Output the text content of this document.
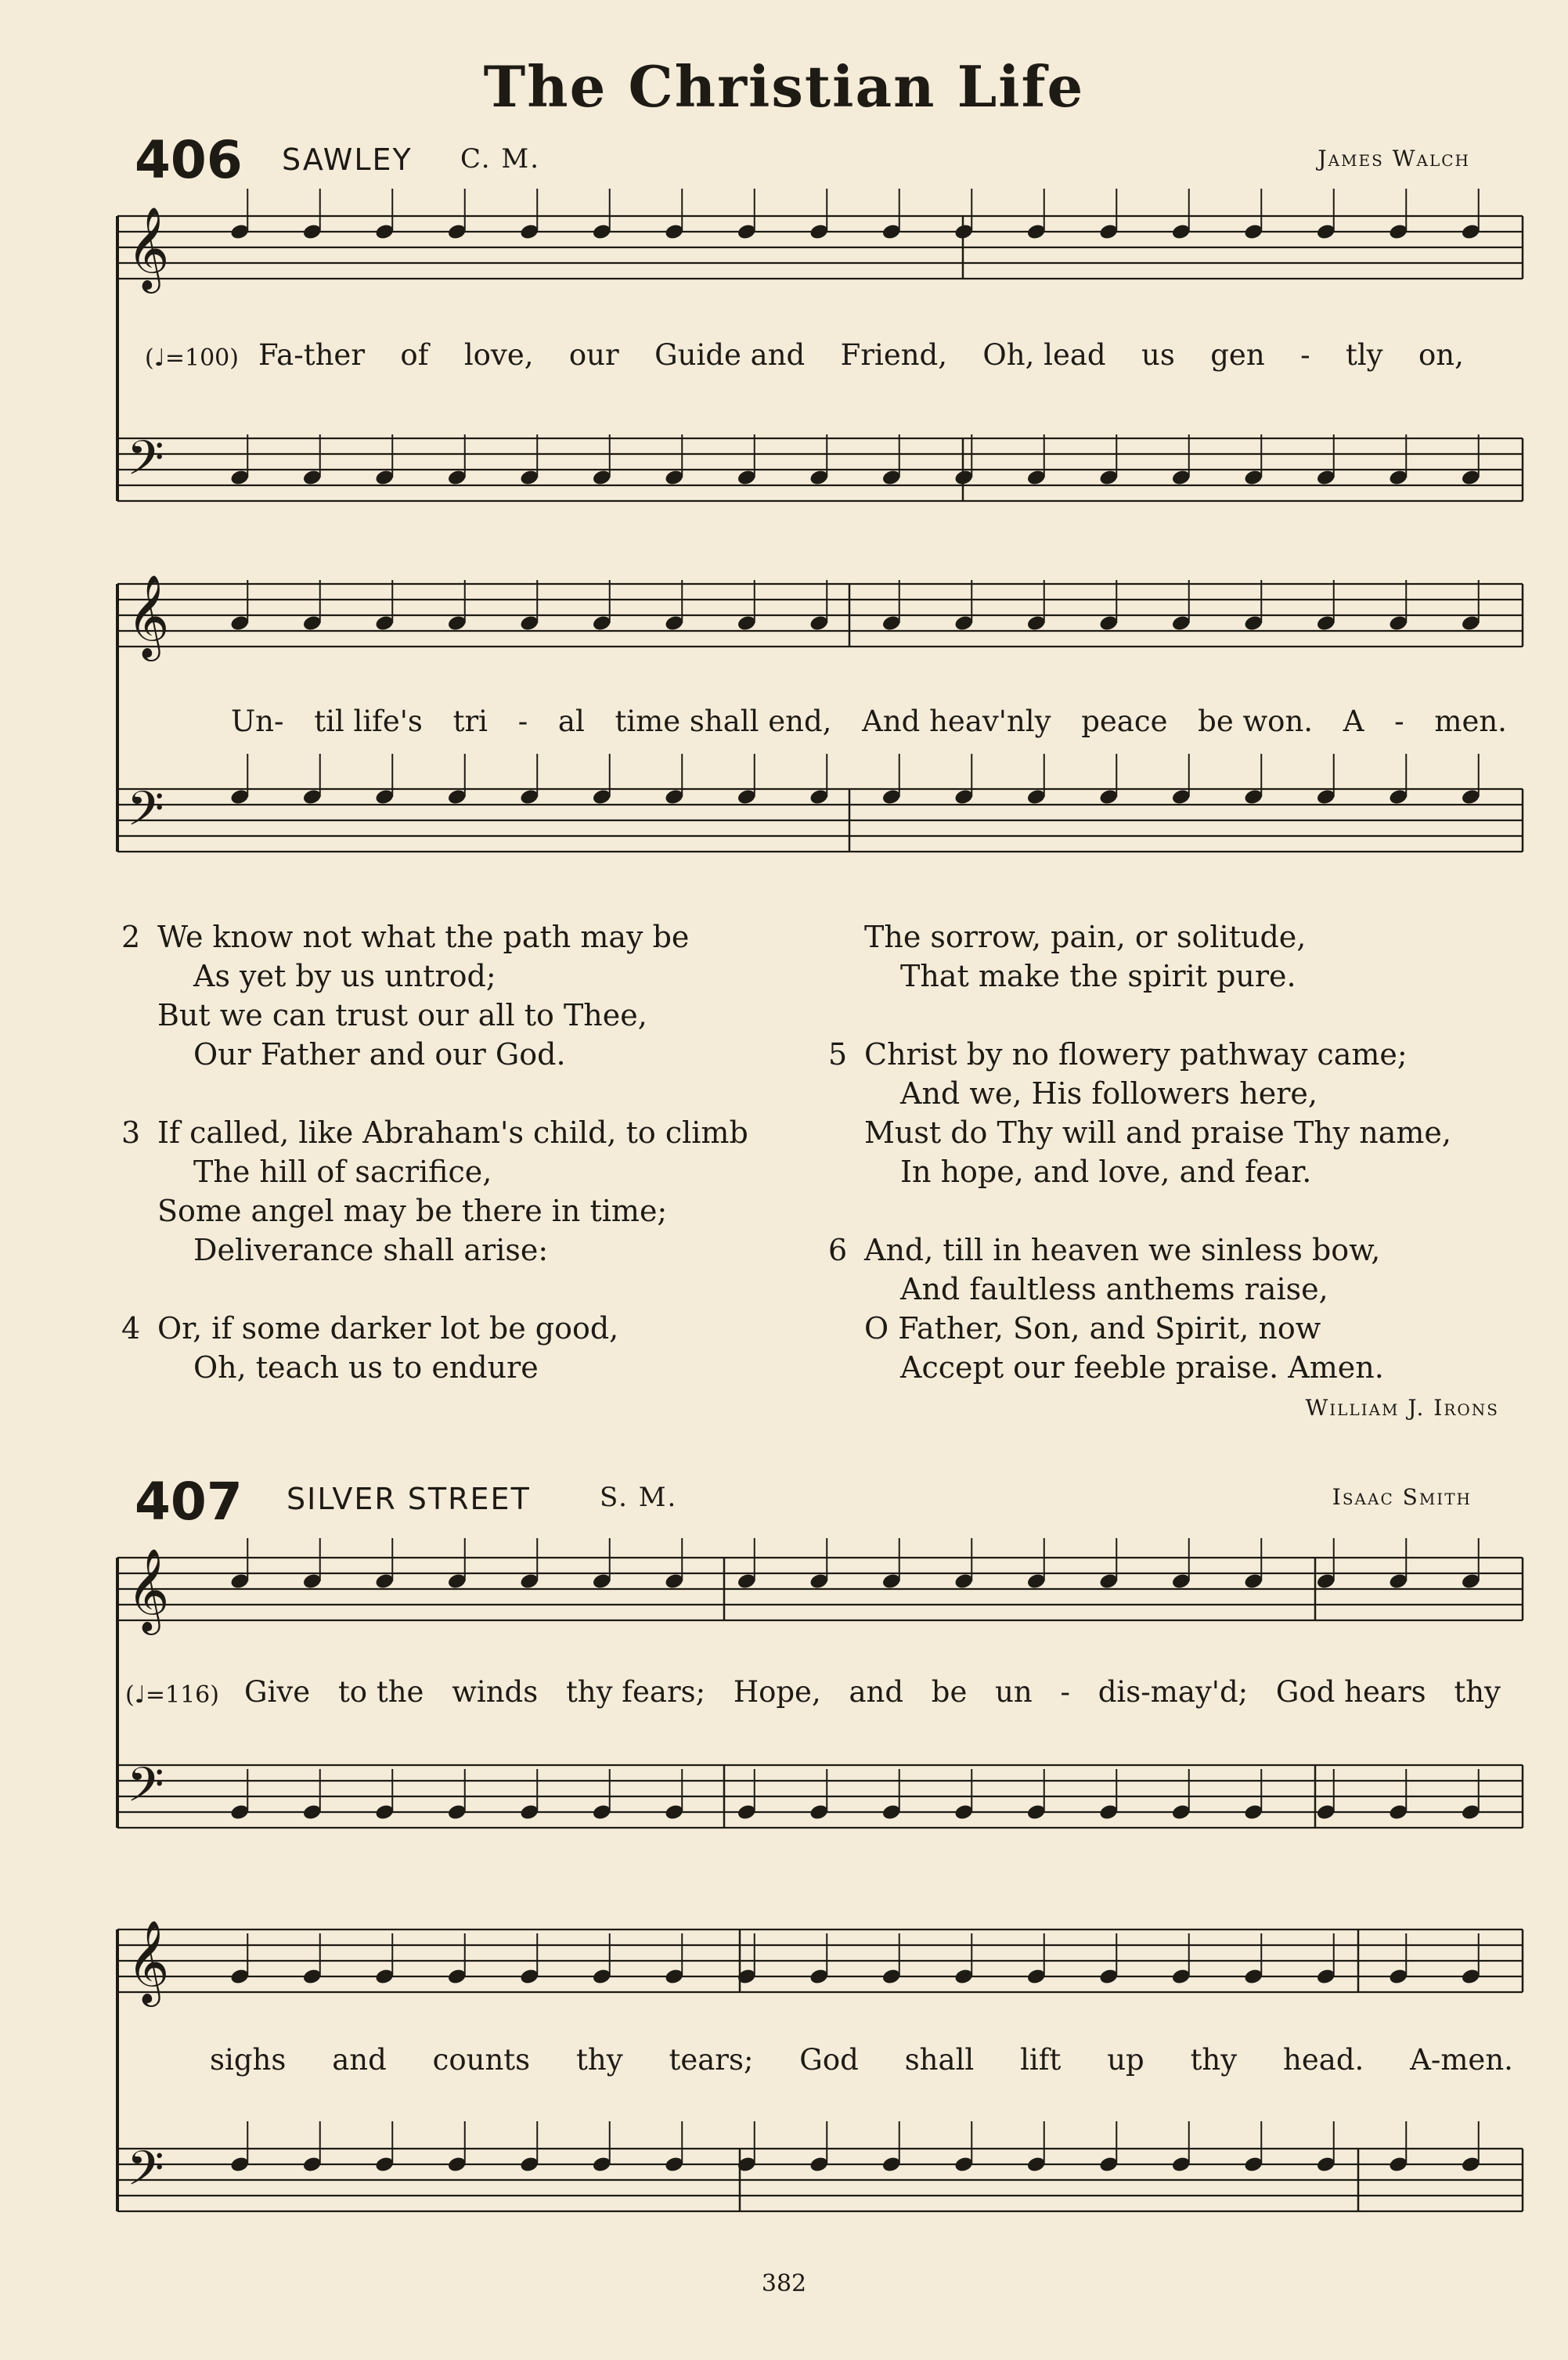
The Christian Life
406 SAWLEY C. M.	James Walch
(♩=100) Fa-ther of love, our Guide and Friend, Oh, lead us gen - tly on,
Un- til life's tri - al time shall end, And heav'nly peace be won. A - men.
2 We know not what the path may be
As yet by us untrod;
But we can trust our all to Thee,
Our Father and our God.
3 If called, like Abraham's child, to climb
The hill of sacrifice,
Some angel may be there in time;
Deliverance shall arise:
4 Or, if some darker lot be good,
Oh, teach us to endure
The sorrow, pain, or solitude,
That make the spirit pure.
5 Christ by no flowery pathway came;
And we, His followers here,
Must do Thy will and praise Thy name,
In hope, and love, and fear.
6 And, till in heaven we sinless bow,
And faultless anthems raise,
O Father, Son, and Spirit, now
Accept our feeble praise. Amen.
William J. Irons
407 SILVER STREET	S. M.	Isaac Smith
(♩=116) Give to the winds thy fears; Hope, and be un - dis-may'd; God hears thy
sighs and counts thy tears; God shall lift up thy head. A-men.
382
𝄞
𝄢
𝄞
𝄢
𝄞
𝄢
𝄞
𝄢
